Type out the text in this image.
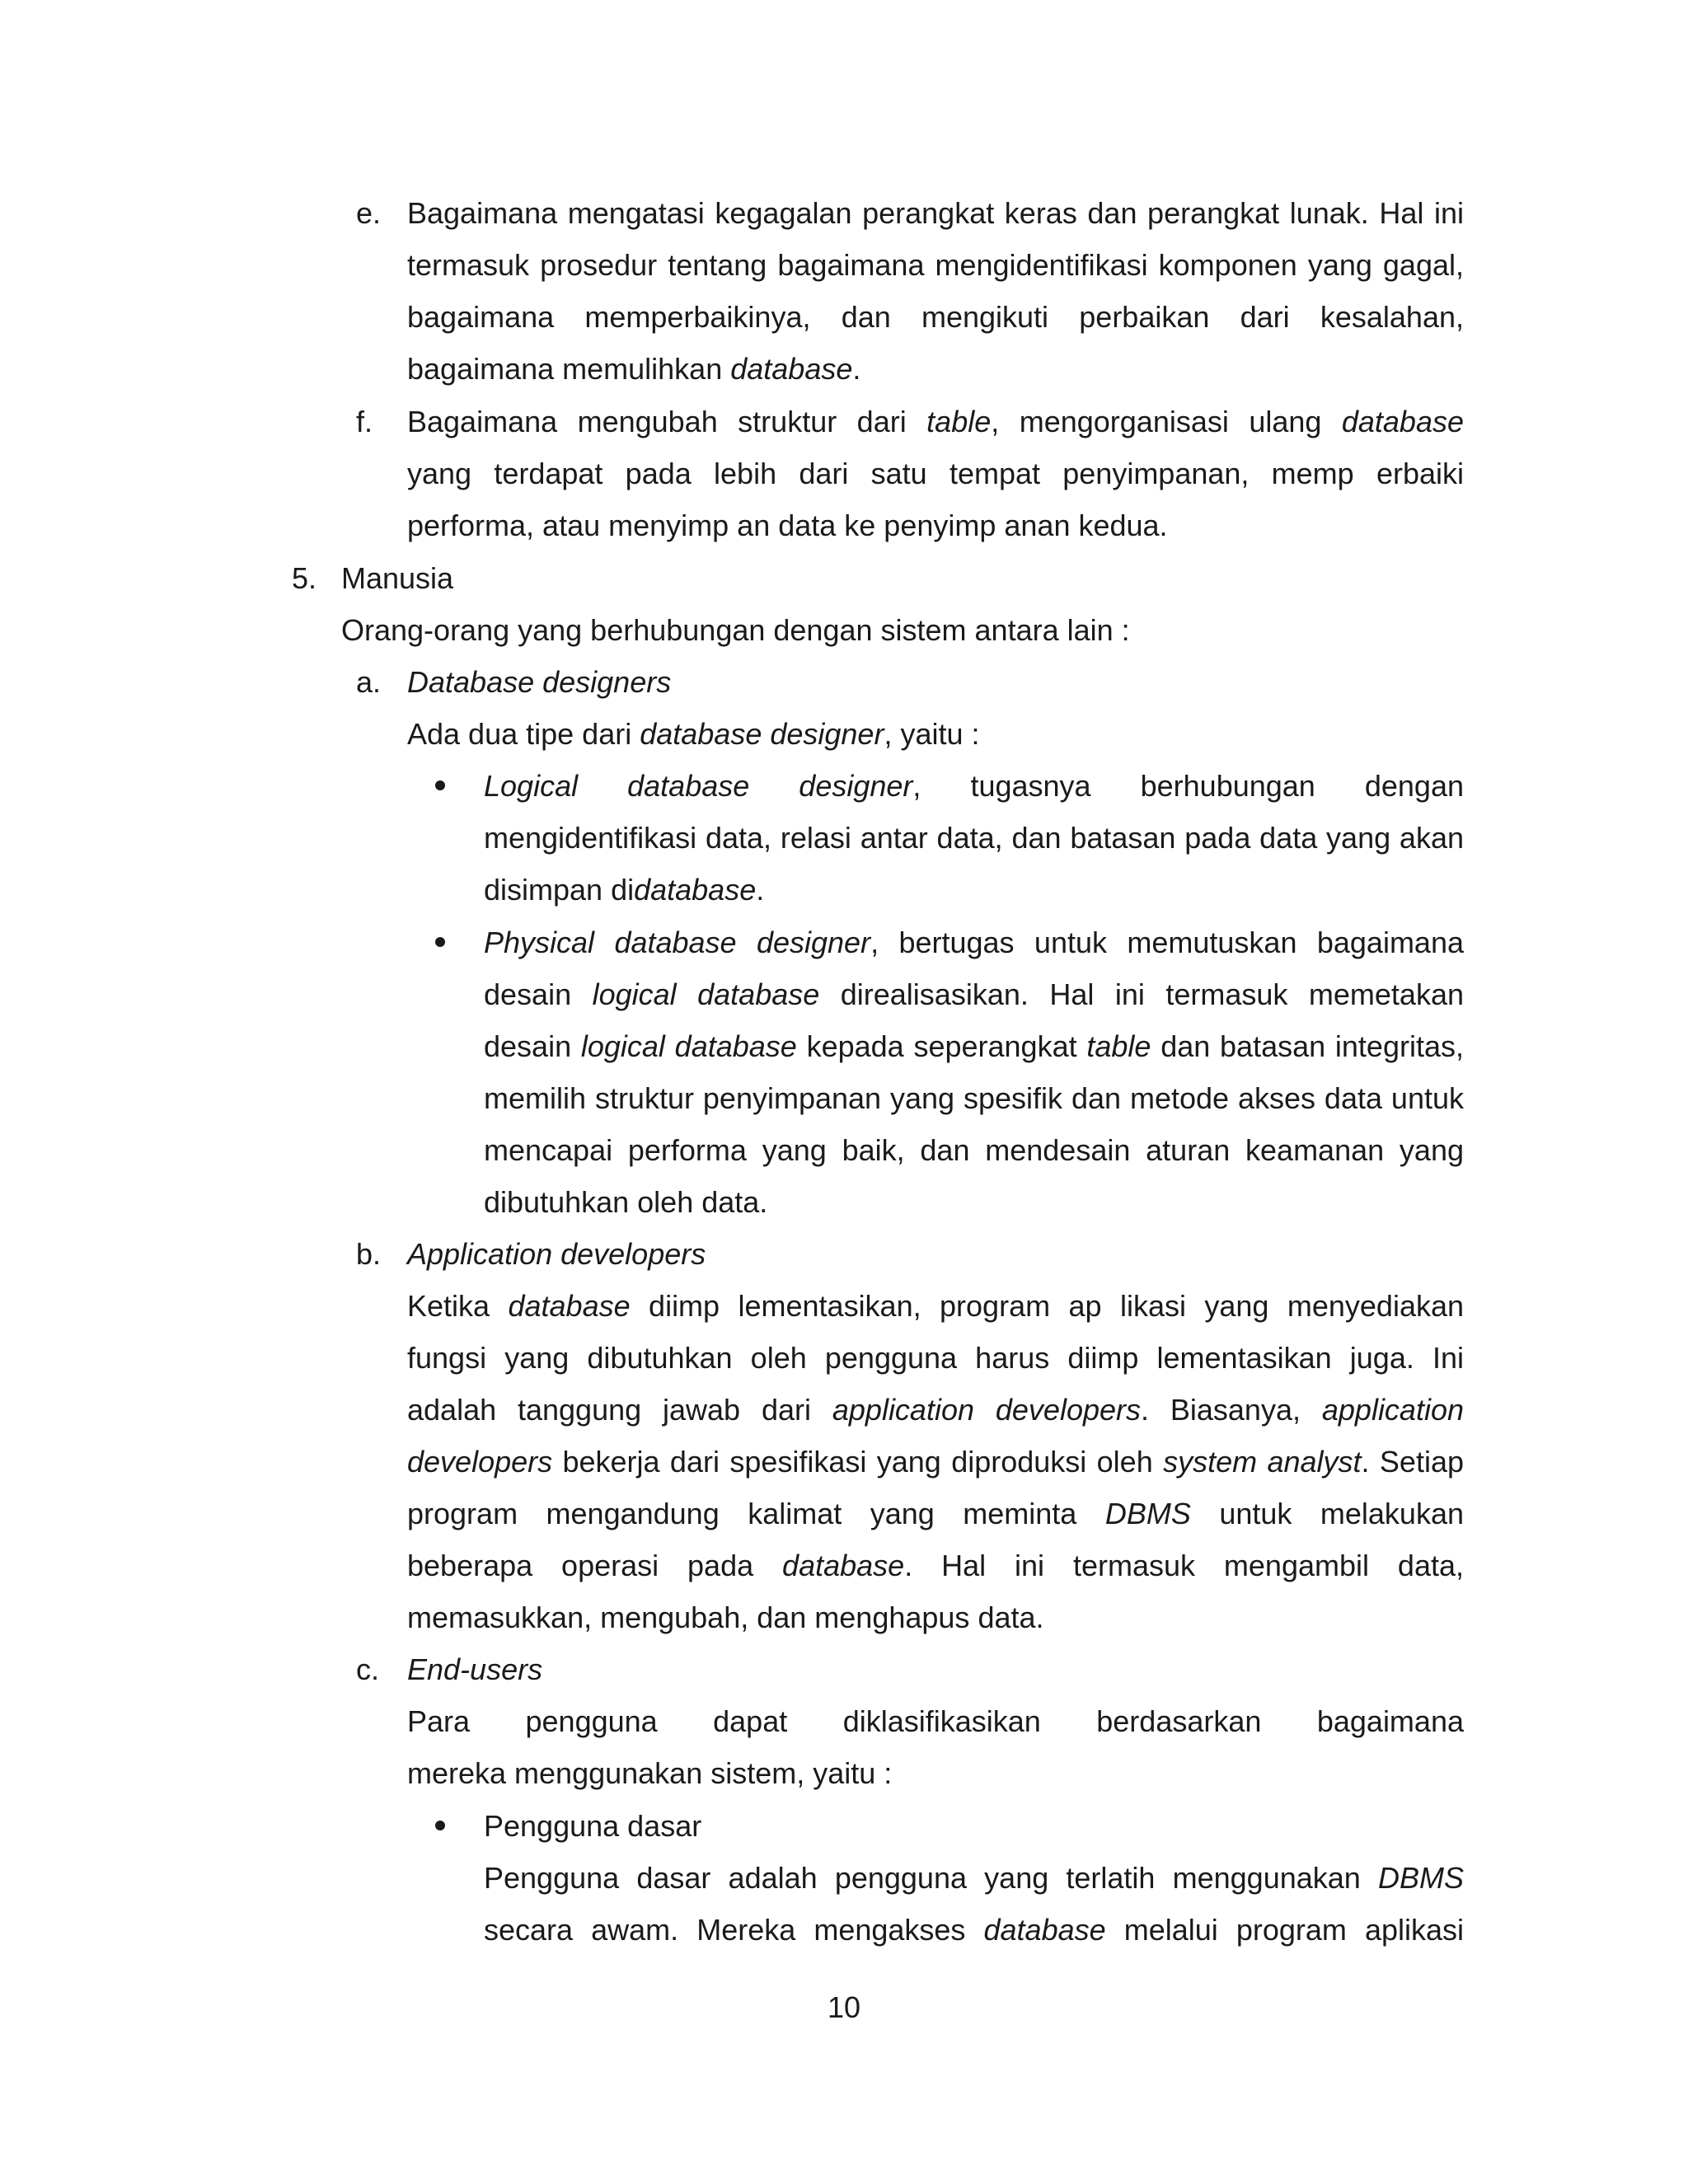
e. Bagaimana mengatasi kegagalan perangkat keras dan perangkat lunak. Hal ini
termasuk prosedur tentang bagaimana mengidentifikasi komponen yang gagal,
bagaimana memperbaikinya, dan mengikuti perbaikan dari kesalahan,
bagaimana memulihkan database.
f. Bagaimana mengubah struktur dari table, mengorganisasi ulang database
yang terdapat pada lebih dari satu tempat penyimpanan, memp erbaiki
performa, atau menyimp an data ke penyimp anan kedua.
5. Manusia
Orang-orang yang berhubungan dengan sistem antara lain :
a. Database designers
Ada dua tipe dari database designer, yaitu :
Logical database designer, tugasnya berhubungan dengan
mengidentifikasi data, relasi antar data, dan batasan pada data yang akan
disimpan didatabase.
Physical database designer, bertugas untuk memutuskan bagaimana
desain logical database direalisasikan. Hal ini termasuk memetakan
desain logical database kepada seperangkat table dan batasan integritas,
memilih struktur penyimpanan yang spesifik dan metode akses data untuk
mencapai performa yang baik, dan mendesain aturan keamanan yang
dibutuhkan oleh data.
b. Application developers
Ketika database diimp lementasikan, program ap likasi yang menyediakan
fungsi yang dibutuhkan oleh pengguna harus diimp lementasikan juga. Ini
adalah tanggung jawab dari application developers. Biasanya, application
developers bekerja dari spesifikasi yang diproduksi oleh system analyst. Setiap
program mengandung kalimat yang meminta DBMS untuk melakukan
beberapa operasi pada database. Hal ini termasuk mengambil data,
memasukkan, mengubah, dan menghapus data.
c. End-users
Para pengguna dapat diklasifikasikan berdasarkan bagaimana
mereka menggunakan sistem, yaitu :
Pengguna dasar
Pengguna dasar adalah pengguna yang terlatih menggunakan DBMS
secara awam. Mereka mengakses database melalui program aplikasi
10
